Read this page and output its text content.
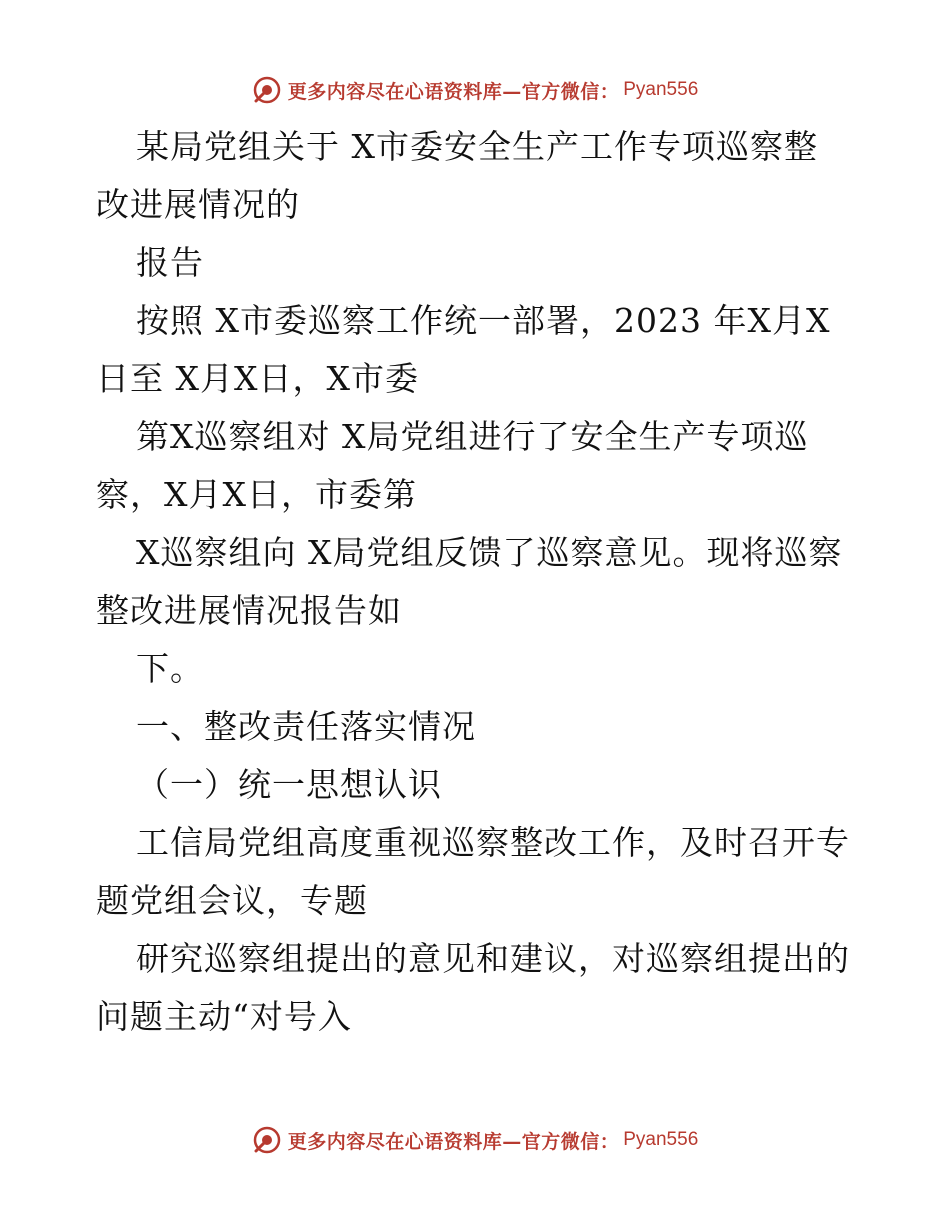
更多内容尽在心语资料库—官方微信： Pyan556
某局党组关于 X市委安全生产工作专项巡察整
改进展情况的
报告
按照 X市委巡察工作统一部署，2023 年X月X
日至 X月X日，X市委
第X巡察组对 X局党组进行了安全生产专项巡
察，X月X日，市委第
X巡察组向 X局党组反馈了巡察意见。现将巡察
整改进展情况报告如
下。
一、整改责任落实情况
（一）统一思想认识
工信局党组高度重视巡察整改工作，及时召开专
题党组会议，专题
研究巡察组提出的意见和建议，对巡察组提出的
问题主动“对号入
更多内容尽在心语资料库—官方微信： Pyan556
